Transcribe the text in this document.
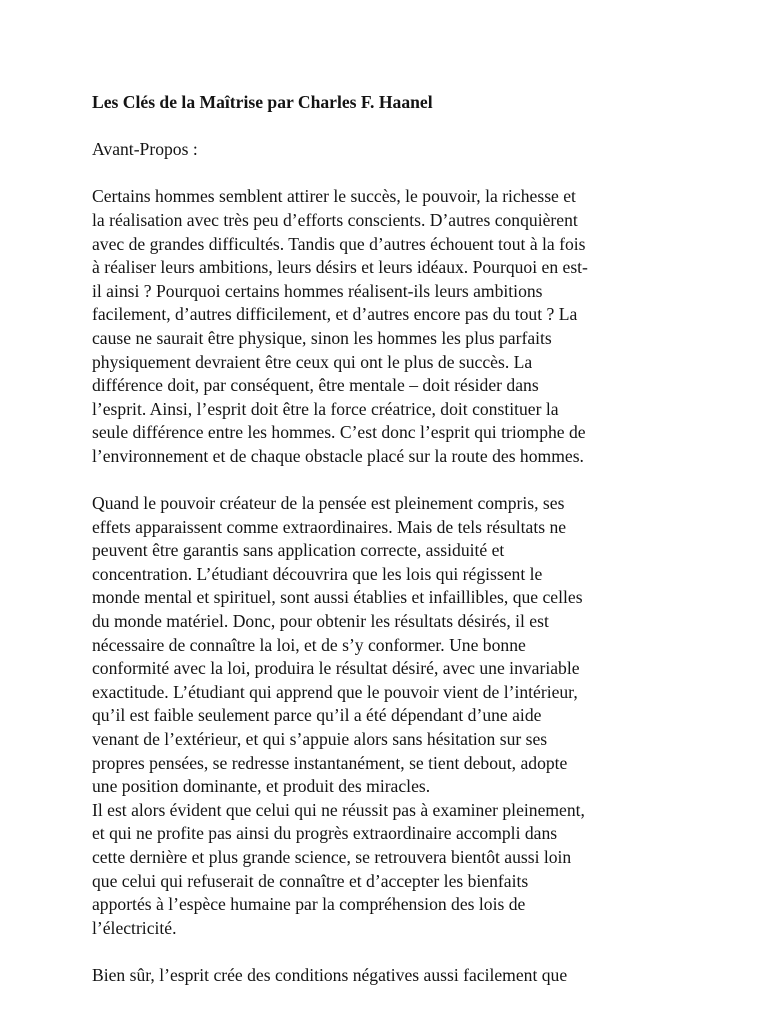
Les Clés de la Maîtrise par Charles F. Haanel
Avant-Propos :
Certains hommes semblent attirer le succès, le pouvoir, la richesse et
la réalisation avec très peu d’efforts conscients. D’autres conquièrent
avec de grandes difficultés. Tandis que d’autres échouent tout à la fois
à réaliser leurs ambitions, leurs désirs et leurs idéaux. Pourquoi en est-
il ainsi ? Pourquoi certains hommes réalisent-ils leurs ambitions
facilement, d’autres difficilement, et d’autres encore pas du tout ? La
cause ne saurait être physique, sinon les hommes les plus parfaits
physiquement devraient être ceux qui ont le plus de succès. La
différence doit, par conséquent, être mentale – doit résider dans
l’esprit. Ainsi, l’esprit doit être la force créatrice, doit constituer la
seule différence entre les hommes. C’est donc l’esprit qui triomphe de
l’environnement et de chaque obstacle placé sur la route des hommes.
Quand le pouvoir créateur de la pensée est pleinement compris, ses
effets apparaissent comme extraordinaires. Mais de tels résultats ne
peuvent être garantis sans application correcte, assiduité et
concentration. L’étudiant découvrira que les lois qui régissent le
monde mental et spirituel, sont aussi établies et infaillibles, que celles
du monde matériel. Donc, pour obtenir les résultats désirés, il est
nécessaire de connaître la loi, et de s’y conformer. Une bonne
conformité avec la loi, produira le résultat désiré, avec une invariable
exactitude. L’étudiant qui apprend que le pouvoir vient de l’intérieur,
qu’il est faible seulement parce qu’il a été dépendant d’une aide
venant de l’extérieur, et qui s’appuie alors sans hésitation sur ses
propres pensées, se redresse instantanément, se tient debout, adopte
une position dominante, et produit des miracles.
Il est alors évident que celui qui ne réussit pas à examiner pleinement,
et qui ne profite pas ainsi du progrès extraordinaire accompli dans
cette dernière et plus grande science, se retrouvera bientôt aussi loin
que celui qui refuserait de connaître et d’accepter les bienfaits
apportés à l’espèce humaine par la compréhension des lois de
l’électricité.
Bien sûr, l’esprit crée des conditions négatives aussi facilement que
